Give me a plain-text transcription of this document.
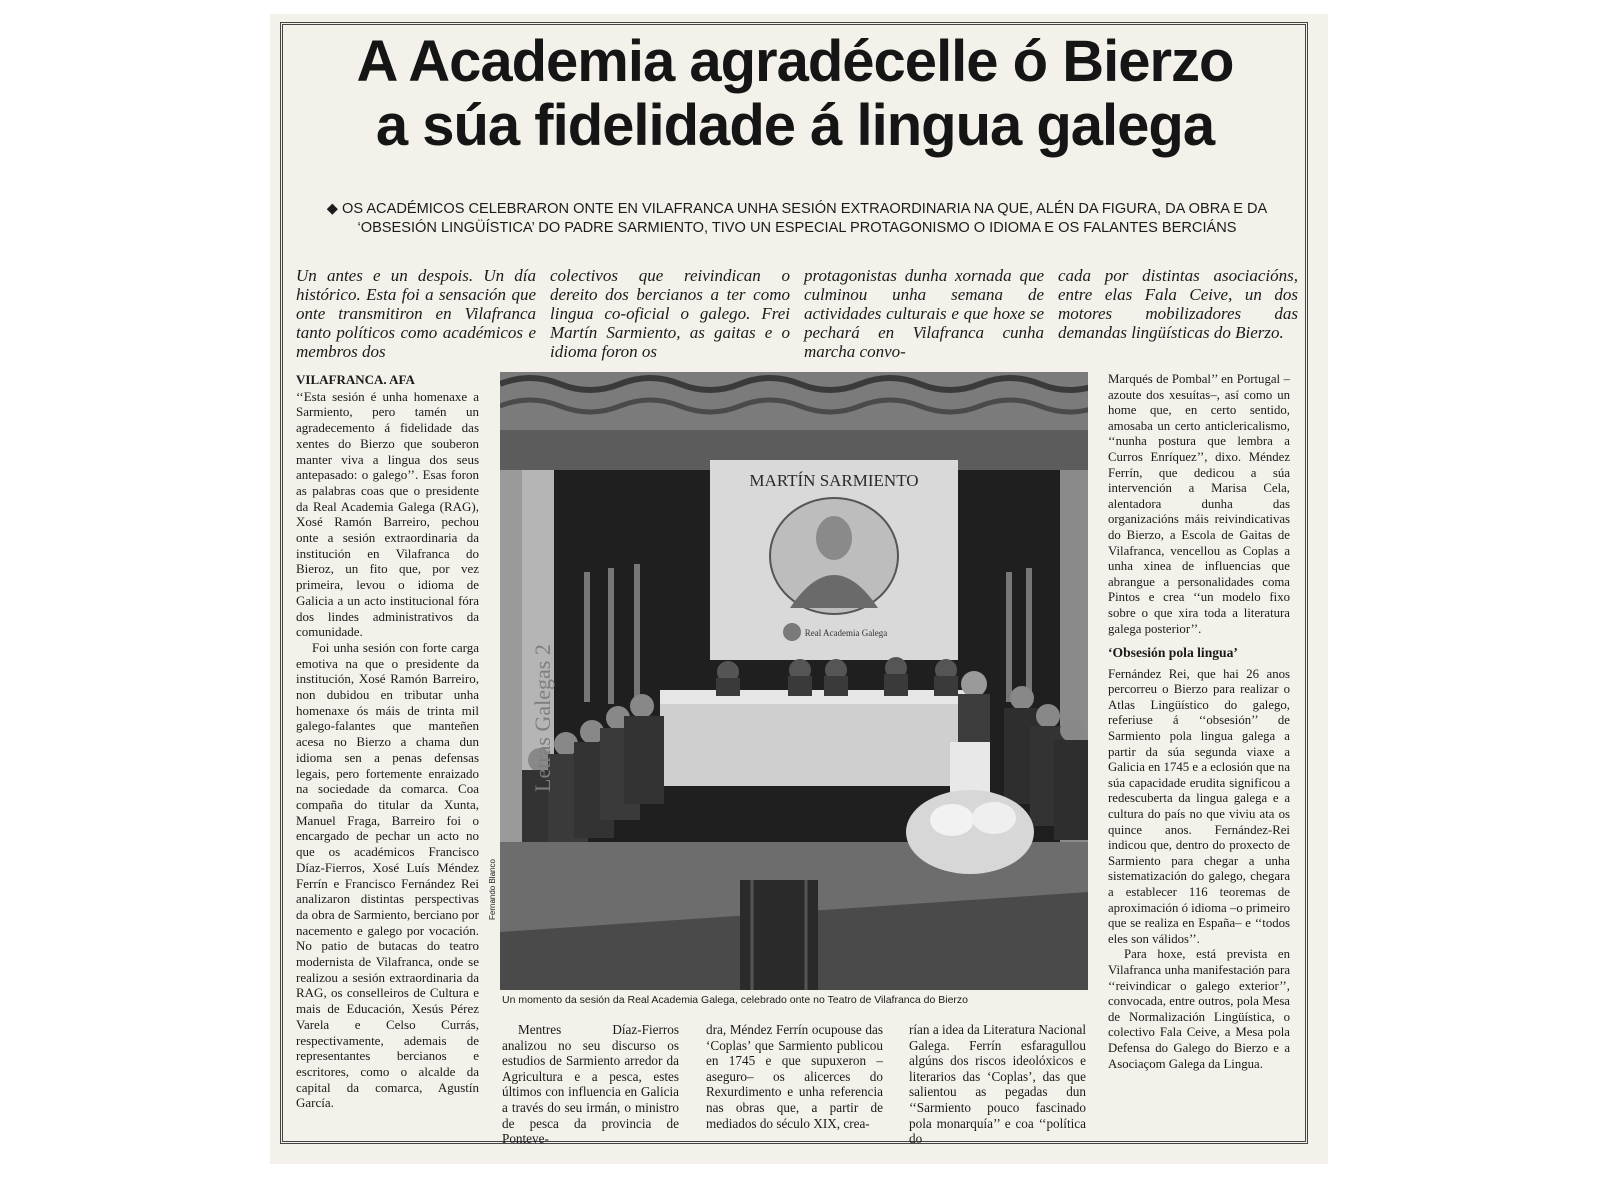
A Academia agradécelle ó Bierzo
a súa fidelidade á lingua galega

◆ OS ACADÉMICOS CELEBRARON ONTE EN VILAFRANCA UNHA SESIÓN EXTRAORDINARIA NA QUE, ALÉN DA FIGURA, DA OBRA E DA ‘OBSESIÓN LINGÜÍSTICA’ DO PADRE SARMIENTO, TIVO UN ESPECIAL PROTAGONISMO O IDIOMA E OS FALANTES BERCIÁNS

Un antes e un despois. Un día histórico. Esta foi a sensación que onte transmitiron en Vilafranca tanto políticos como académicos e membros dos

colectivos que reivindican o dereito dos bercianos a ter como lingua co-oficial o galego. Frei Martín Sarmiento, as gaitas e o idioma foron os

protagonistas dunha xornada que culminou unha semana de actividades culturais e que hoxe se pechará en Vilafranca cunha marcha convo-

cada por distintas asociacións, entre elas Fala Ceive, un dos motores mobilizadores das demandas lingüísticas do Bierzo.

VILAFRANCA. AFA

‘‘Esta sesión é unha homenaxe a Sarmiento, pero tamén un agradecemento á fidelidade das xentes do Bierzo que souberon manter viva a lingua dos seus antepasado: o galego’’. Esas foron as palabras coas que o presidente da Real Academia Galega (RAG), Xosé Ramón Barreiro, pechou onte a sesión extraordinaria da institución en Vilafranca do Bieroz, un fito que, por vez primeira, levou o idioma de Galicia a un acto institucional fóra dos lindes administrativos da comunidade.

Foi unha sesión con forte carga emotiva na que o presidente da institución, Xosé Ramón Barreiro, non dubidou en tributar unha homenaxe ós máis de trinta mil galego-falantes que manteñen acesa no Bierzo a chama dun idioma sen a penas defensas legais, pero fortemente enraizado na sociedade da comarca. Coa compaña do titular da Xunta, Manuel Fraga, Barreiro foi o encargado de pechar un acto no que os académicos Francisco Díaz-Fierros, Xosé Luís Méndez Ferrín e Francisco Fernández Rei analizaron distintas perspectivas da obra de Sarmiento, berciano por nacemento e galego por vocación. No patio de butacas do teatro modernista de Vilafranca, onde se realizou a sesión extraordinaria da RAG, os conselleiros de Cultura e mais de Educación, Xesús Pérez Varela e Celso Currás, respectivamente, ademais de representantes bercianos e escritores, como o alcalde da capital da comarca, Agustín García.

MARTÍN SARMIENTO
Real Academia Galega
Letras Galegas 2
Fernando Blanco

Un momento da sesión da Real Academia Galega, celebrado onte no Teatro de Vilafranca do Bierzo

Mentres Díaz-Fierros analizou no seu discurso os estudios de Sarmiento arredor da Agricultura e a pesca, estes últimos con influencia en Galicia a través do seu irmán, o ministro de pesca da provincia de Ponteve-

dra, Méndez Ferrín ocupouse das ‘Coplas’ que Sarmiento publicou en 1745 e que supuxeron –aseguro– os alicerces do Rexurdimento e unha referencia nas obras que, a partir de mediados do século XIX, crea-

rían a idea da Literatura Nacional Galega. Ferrín esfaragullou algúns dos riscos ideolóxicos e literarios das ‘Coplas’, das que salientou as pegadas dun ‘‘Sarmiento pouco fascinado pola monarquía’’ e coa ‘‘política do

Marqués de Pombal’’ en Portugal –azoute dos xesuítas–, así como un home que, en certo sentido, amosaba un certo anticlericalismo, ‘‘nunha postura que lembra a Curros Enríquez’’, dixo. Méndez Ferrín, que dedicou a súa intervención a Marisa Cela, alentadora dunha das organizacións máis reivindicativas do Bierzo, a Escola de Gaitas de Vilafranca, vencellou as Coplas a unha xinea de influencias que abrangue a personalidades coma Pintos e crea ‘‘un modelo fixo sobre o que xira toda a literatura galega posterior’’.

‘Obsesión pola lingua’

Fernández Rei, que hai 26 anos percorreu o Bierzo para realizar o Atlas Lingüístico do galego, referiuse á ‘‘obsesión’’ de Sarmiento pola lingua galega a partir da súa segunda viaxe a Galicia en 1745 e a eclosión que na súa capacidade erudita significou a redescuberta da lingua galega e a cultura do país no que viviu ata os quince anos. Fernández-Rei indicou que, dentro do proxecto de Sarmiento para chegar a unha sistematización do galego, chegara a establecer 116 teoremas de aproximación ó idioma –o primeiro que se realiza en España– e ‘‘todos eles son válidos’’.

Para hoxe, está prevista en Vilafranca unha manifestación para ‘‘reivindicar o galego exterior’’, convocada, entre outros, pola Mesa de Normalización Lingüística, o colectivo Fala Ceive, a Mesa pola Defensa do Galego do Bierzo e a Asociaçom Galega da Lingua.
